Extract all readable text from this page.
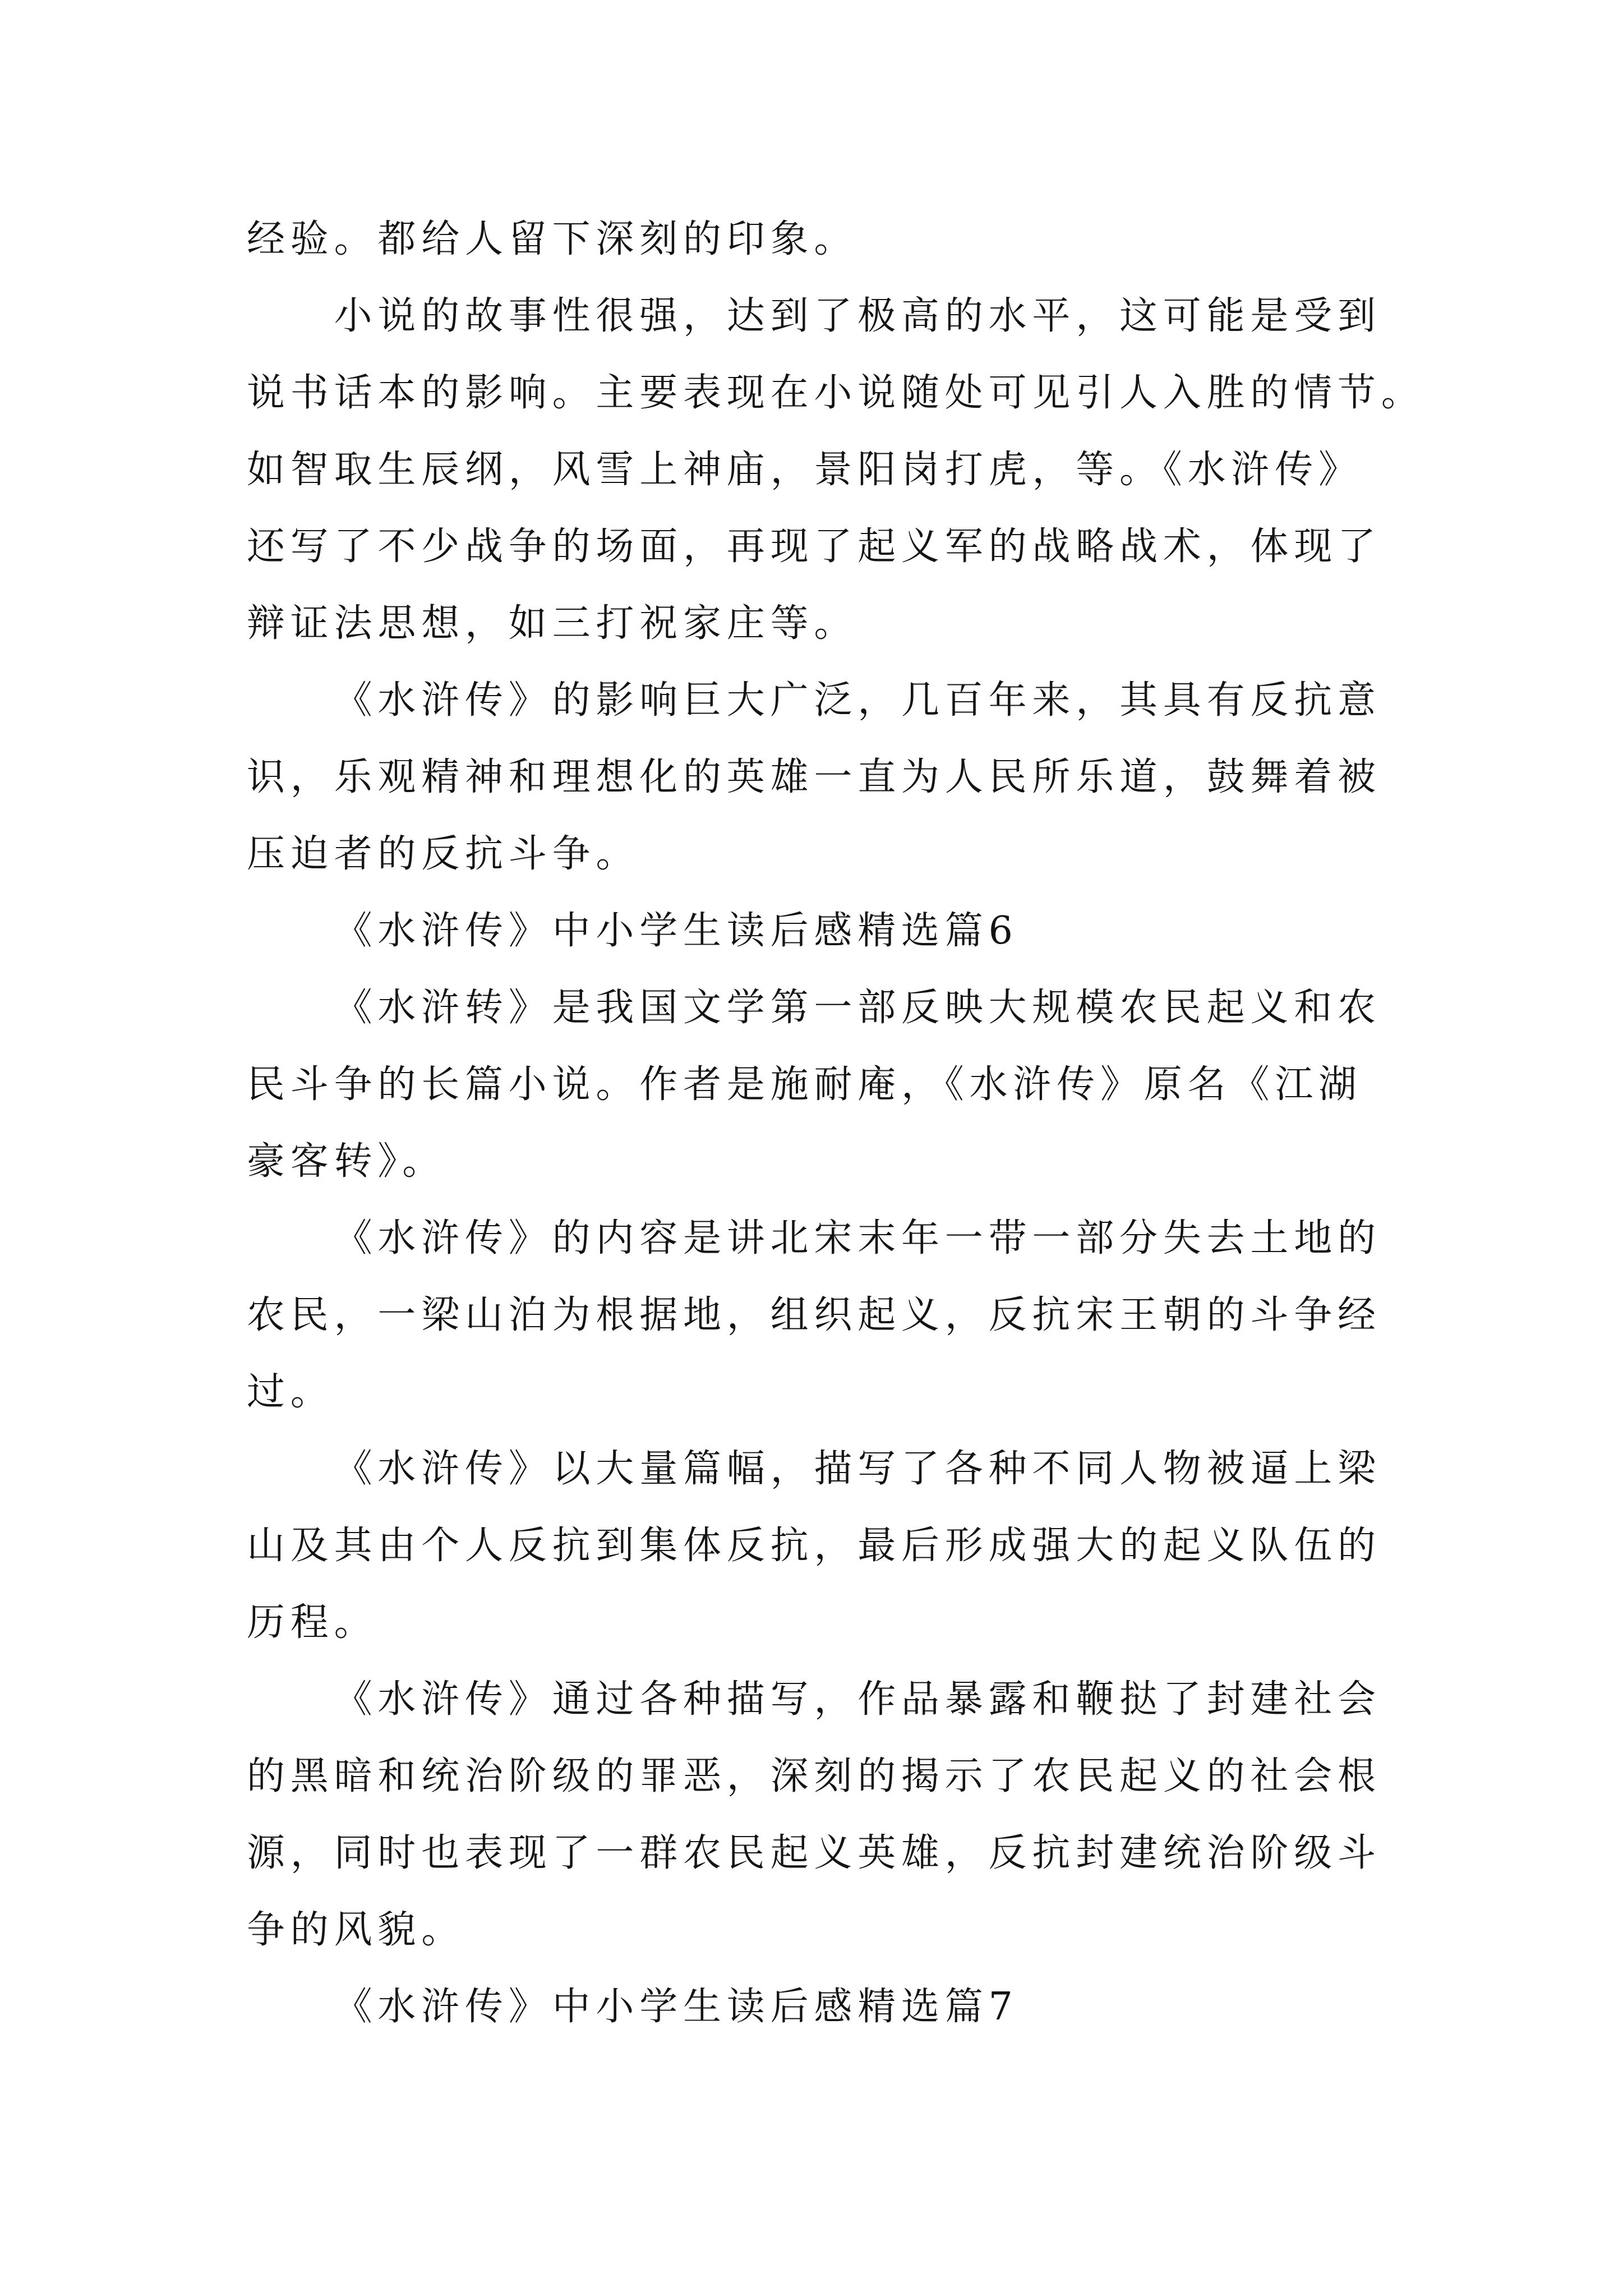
经验。都给人留下深刻的印象。
小说的故事性很强，达到了极高的水平，这可能是受到
说书话本的影响。主要表现在小说随处可见引人入胜的情节。
如智取生辰纲，风雪上神庙，景阳岗打虎，等。《水浒传》
还写了不少战争的场面，再现了起义军的战略战术，体现了
辩证法思想，如三打祝家庄等。
《水浒传》的影响巨大广泛，几百年来，其具有反抗意
识，乐观精神和理想化的英雄一直为人民所乐道，鼓舞着被
压迫者的反抗斗争。
《水浒传》中小学生读后感精选篇6
《水浒转》是我国文学第一部反映大规模农民起义和农
民斗争的长篇小说。作者是施耐庵，《水浒传》原名《江湖
豪客转》。
《水浒传》的内容是讲北宋末年一带一部分失去土地的
农民，一梁山泊为根据地，组织起义，反抗宋王朝的斗争经
过。
《水浒传》以大量篇幅，描写了各种不同人物被逼上梁
山及其由个人反抗到集体反抗，最后形成强大的起义队伍的
历程。
《水浒传》通过各种描写，作品暴露和鞭挞了封建社会
的黑暗和统治阶级的罪恶，深刻的揭示了农民起义的社会根
源，同时也表现了一群农民起义英雄，反抗封建统治阶级斗
争的风貌。
《水浒传》中小学生读后感精选篇7
